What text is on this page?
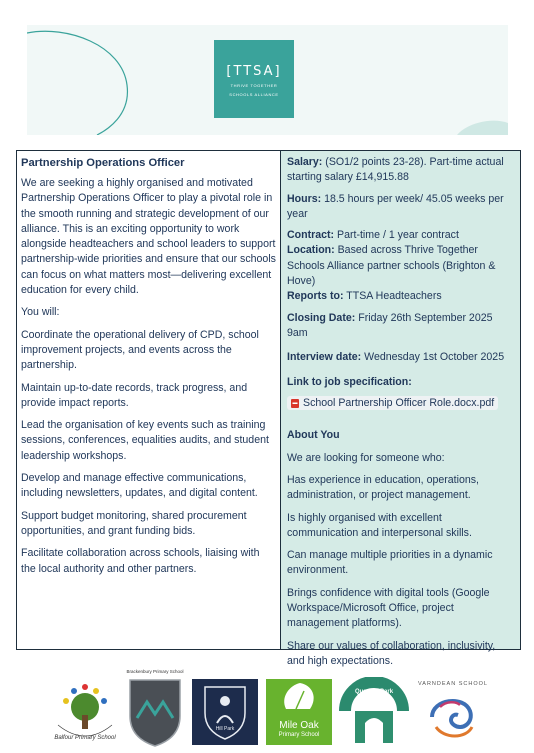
[TTSA]
THRIVE TOGETHER
SCHOOLS ALLIANCE
Partnership Operations Officer

We are seeking a highly organised and motivated Partnership Operations Officer to play a pivotal role in the smooth running and strategic development of our alliance. This is an exciting opportunity to work alongside headteachers and school leaders to support partnership-wide priorities and ensure that our schools can focus on what matters most—delivering excellent education for every child.

You will:

Coordinate the operational delivery of CPD, school improvement projects, and events across the partnership.

Maintain up-to-date records, track progress, and provide impact reports.

Lead the organisation of key events such as training sessions, conferences, equalities audits, and student leadership workshops.

Develop and manage effective communications, including newsletters, updates, and digital content.

Support budget monitoring, shared procurement opportunities, and grant funding bids.

Facilitate collaboration across schools, liaising with the local authority and other partners.

Salary: (SO1/2 points 23-28). Part-time actual starting salary £14,915.88

Hours: 18.5 hours per week/ 45.05 weeks per year

Contract: Part-time / 1 year contract

Location: Based across Thrive Together Schools Alliance partner schools (Brighton & Hove)

Reports to: TTSA Headteachers

Closing Date: Friday 26th September 2025 9am

Interview date: Wednesday 1st October 2025

Link to job specification:

▬ School Partnership Officer Role.docx.pdf

About You

We are looking for someone who:

Has experience in education, operations, administration, or project management.

Is highly organised with excellent communication and interpersonal skills.

Can manage multiple priorities in a dynamic environment.

Brings confidence with digital tools (Google Workspace/Microsoft Office, project management platforms).

Share our values of collaboration, inclusivity, and high expectations.

Balfour Primary School
Brackenbury Primary School
Hill Park	Mile Oak
Primary School
Queen's Park School
VARNDEAN SCHOOL
